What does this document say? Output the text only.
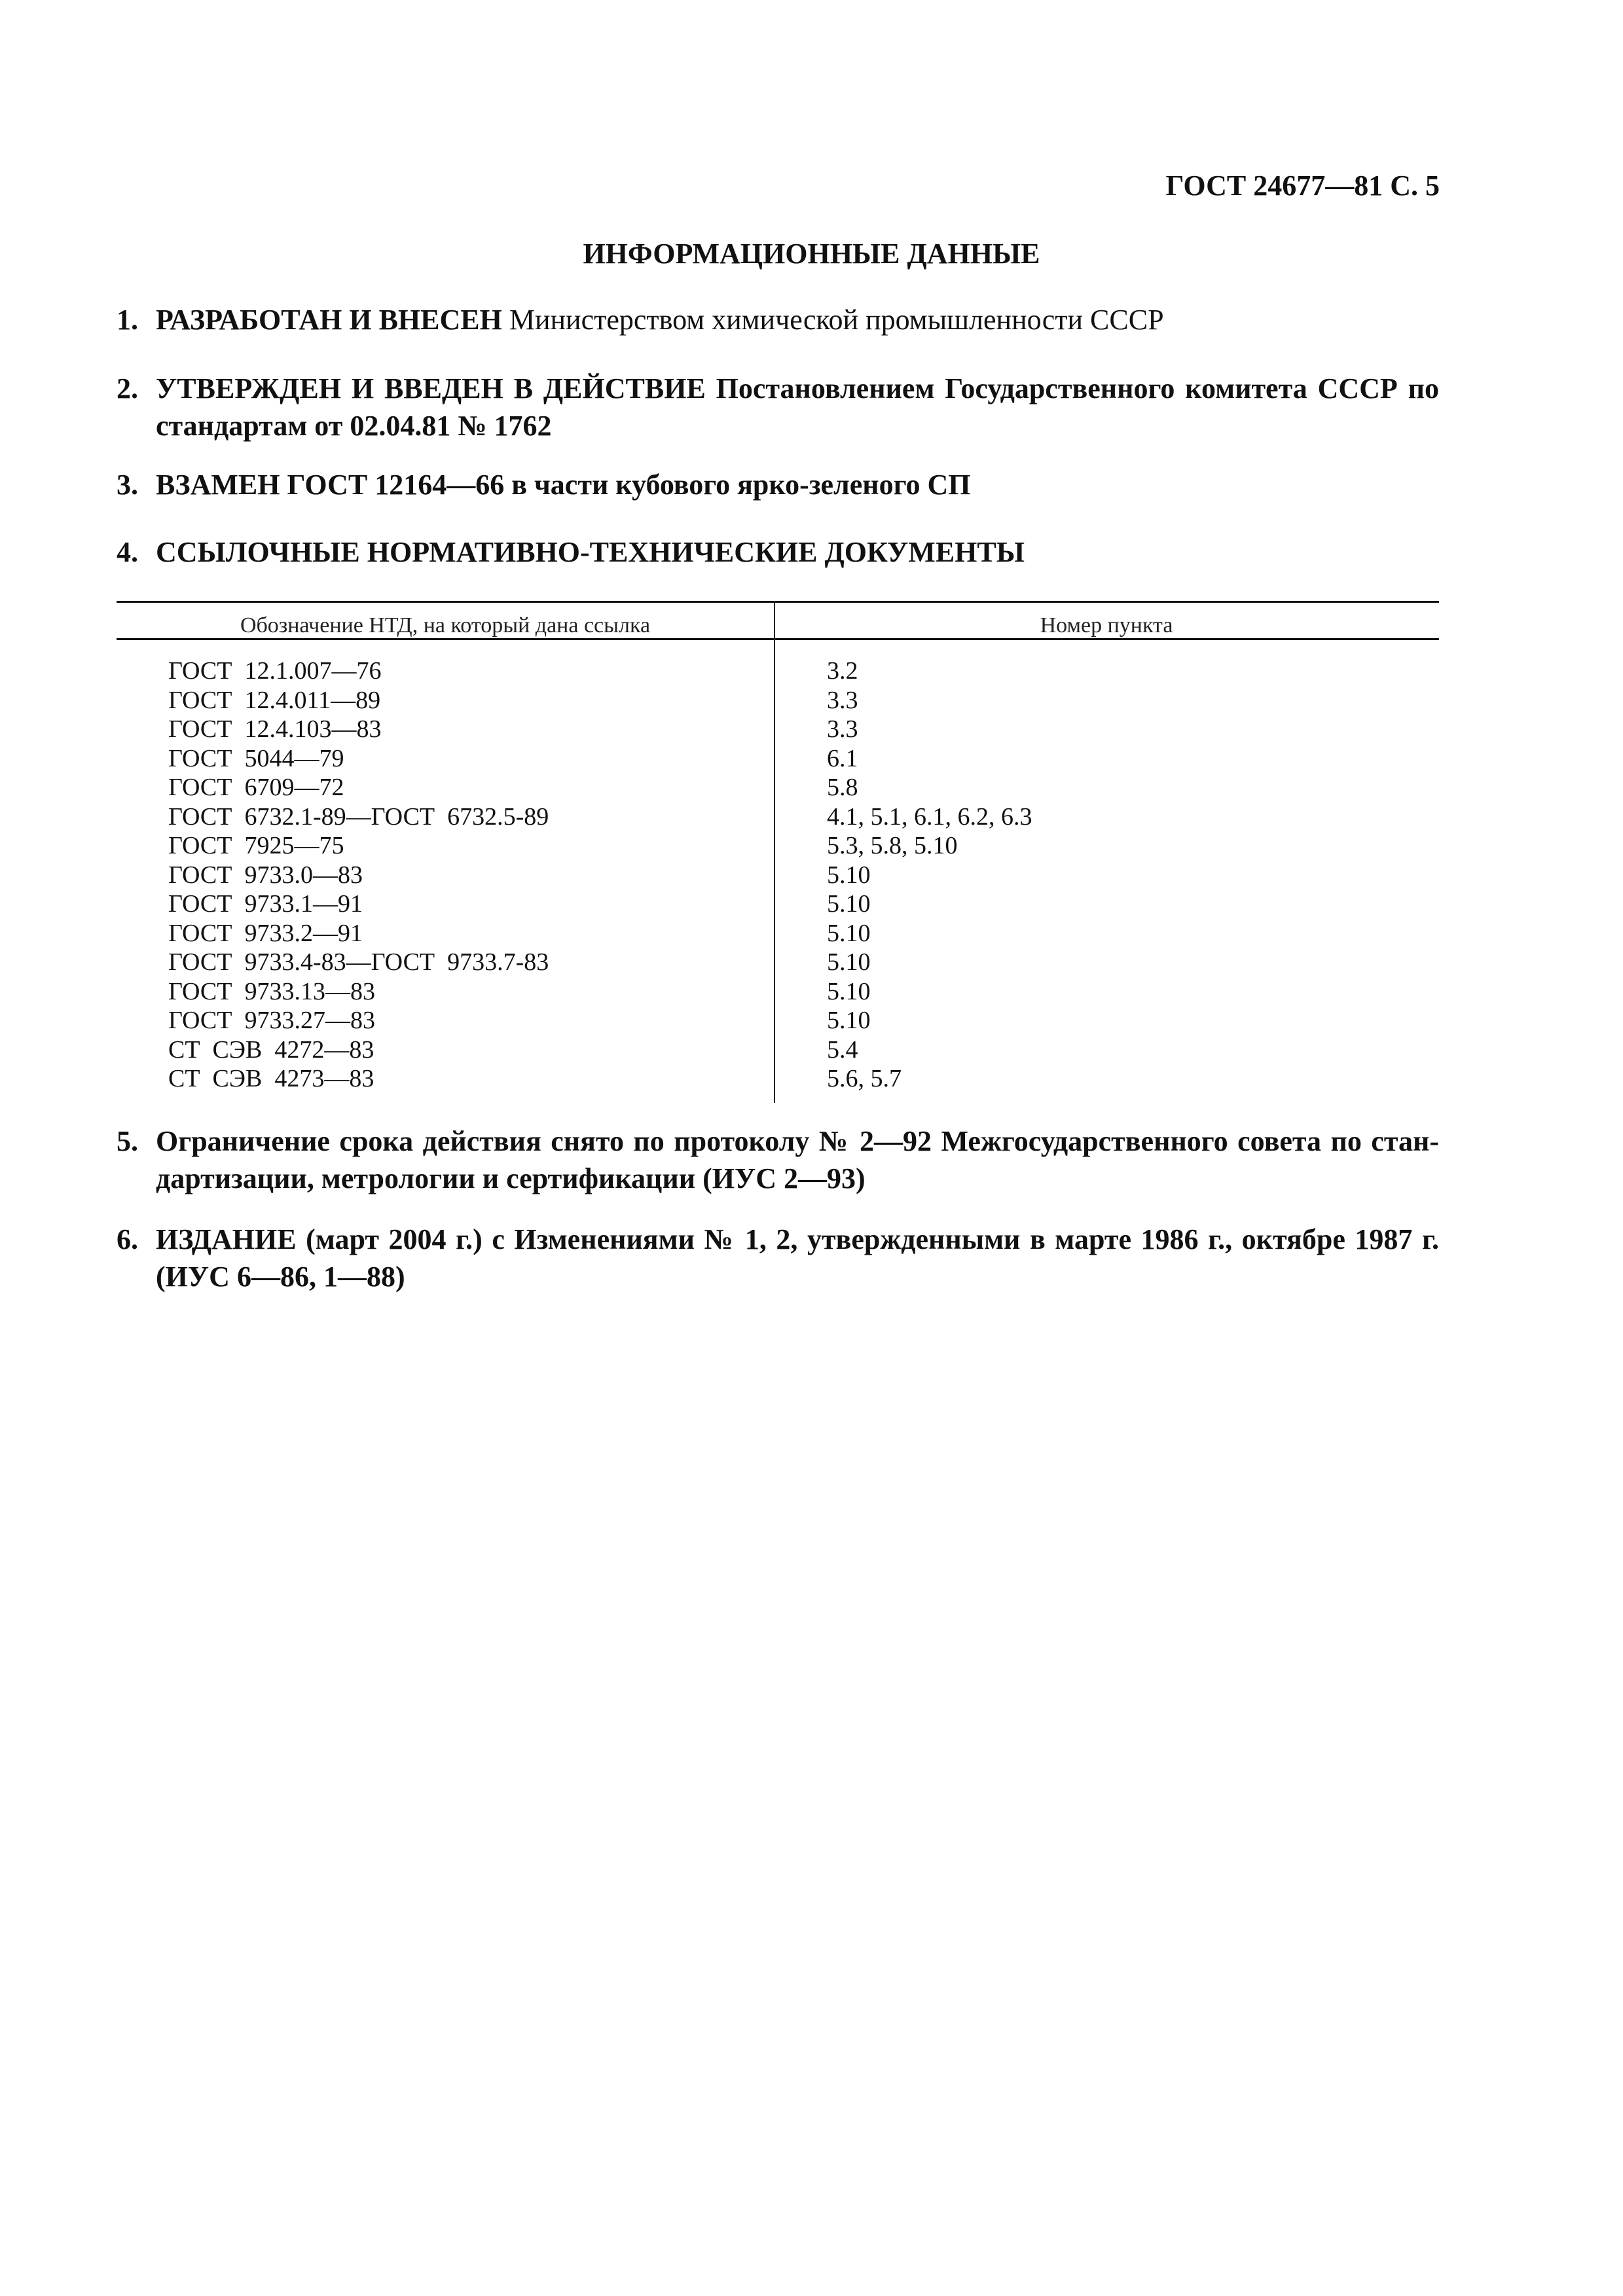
ГОСТ 24677—81 С. 5
ИНФОРМАЦИОННЫЕ ДАННЫЕ
1. РАЗРАБОТАН И ВНЕСЕН Министерством химической промышленности СССР
2. УТВЕРЖДЕН И ВВЕДЕН В ДЕЙСТВИЕ Постановлением Государственного комитета СССР по стандартам от 02.04.81 № 1762
3. ВЗАМЕН ГОСТ 12164—66 в части кубового ярко-зеленого СП
4. ССЫЛОЧНЫЕ НОРМАТИВНО-ТЕХНИЧЕСКИЕ ДОКУМЕНТЫ
Обозначение НТД, на который дана ссылка	Номер пункта
ГОСТ  12.1.007—76
ГОСТ  12.4.011—89
ГОСТ  12.4.103—83
ГОСТ  5044—79
ГОСТ  6709—72
ГОСТ  6732.1-89—ГОСТ  6732.5-89
ГОСТ  7925—75
ГОСТ  9733.0—83
ГОСТ  9733.1—91
ГОСТ  9733.2—91
ГОСТ  9733.4-83—ГОСТ  9733.7-83
ГОСТ  9733.13—83
ГОСТ  9733.27—83
СТ  СЭВ  4272—83
СТ  СЭВ  4273—83
3.2
3.3
3.3
6.1
5.8
4.1, 5.1, 6.1, 6.2, 6.3
5.3, 5.8, 5.10
5.10
5.10
5.10
5.10
5.10
5.10
5.4
5.6, 5.7
5. Ограничение срока действия снято по протоколу № 2—92 Межгосударственного совета по стан-дартизации, метрологии и сертификации (ИУС 2—93)
6. ИЗДАНИЕ (март 2004 г.) с Изменениями № 1, 2, утвержденными в марте 1986 г., октябре 1987 г. (ИУС 6—86, 1—88)
